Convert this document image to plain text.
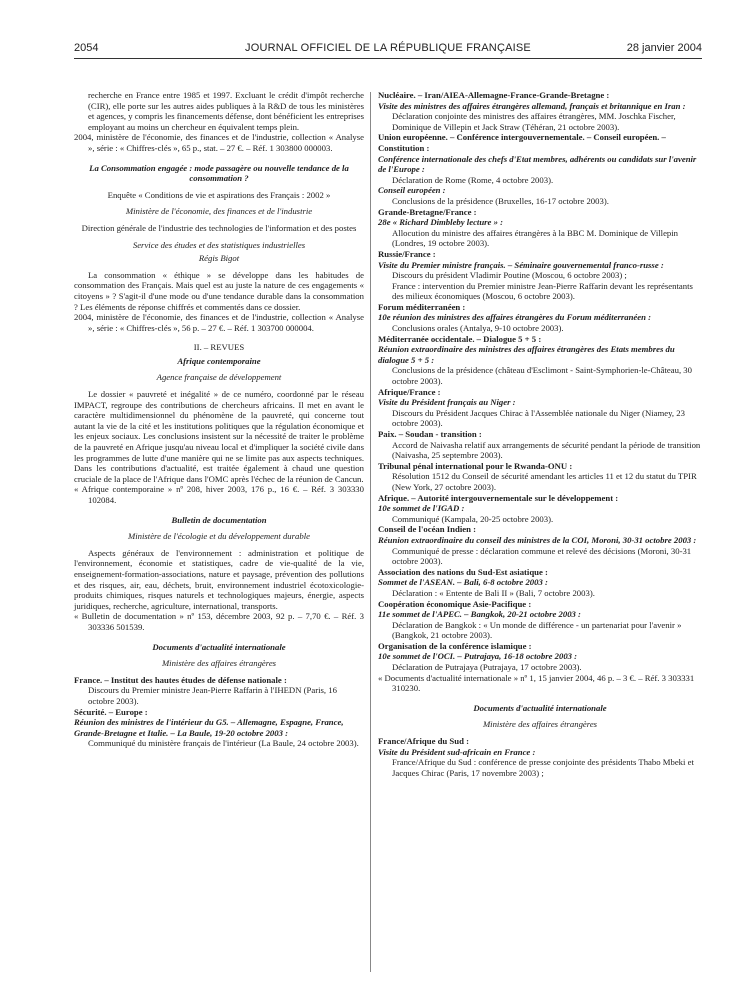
2054	JOURNAL OFFICIEL DE LA RÉPUBLIQUE FRANÇAISE	28 janvier 2004

recherche en France entre 1985 et 1997. Excluant le crédit d'impôt recherche (CIR), elle porte sur les autres aides publiques à la R&D de tous les ministères et agences, y compris les financements défense, dont bénéficient les entreprises employant au moins un chercheur en équivalent temps plein.

2004, ministère de l'économie, des finances et de l'industrie, collection « Analyse », série : « Chiffres-clés », 65 p., stat. – 27 €. – Réf. 1 303800 000003.

La Consommation engagée : mode passagère ou nouvelle tendance de la consommation ?

Enquête « Conditions de vie et aspirations des Français : 2002 »

Ministère de l'économie, des finances et de l'industrie

Direction générale de l'industrie des technologies de l'information et des postes

Service des études et des statistiques industrielles

Régis Bigot

La consommation « éthique » se développe dans les habitudes de consommation des Français. Mais quel est au juste la nature de ces engagements « citoyens » ? S'agit-il d'une mode ou d'une tendance durable dans la consommation ? Les éléments de réponse chiffrés et commentés dans ce dossier.

2004, ministère de l'économie, des finances et de l'industrie, collection « Analyse », série : « Chiffres-clés », 56 p. – 27 €. – Réf. 1 303700 000004.

II. – REVUES

Afrique contemporaine

Agence française de développement

Le dossier « pauvreté et inégalité » de ce numéro, coordonné par le réseau IMPACT, regroupe des contributions de chercheurs africains. Il met en avant le caractère multidimensionnel du phénomène de la pauvreté, qui concerne tout autant la vie de la cité et les institutions politiques que la régulation économique et les enjeux sociaux. Les conclusions insistent sur la nécessité de traiter le problème de la pauvreté en Afrique jusqu'au niveau local et d'impliquer la société civile dans les programmes de lutte d'une manière qui ne se limite pas aux aspects techniques. Dans les contributions d'actualité, est traitée également à chaud une question cruciale de la place de l'Afrique dans l'OMC après l'échec de la réunion de Cancun.

« Afrique contemporaine » nº 208, hiver 2003, 176 p., 16 €. – Réf. 3 303330 102084.

Bulletin de documentation

Ministère de l'écologie et du développement durable

Aspects généraux de l'environnement : administration et politique de l'environnement, économie et statistiques, cadre de vie-qualité de la vie, enseignement-formation-associations, nature et paysage, prévention des pollutions et des risques, air, eau, déchets, bruit, environnement industriel écotoxicologie-produits chimiques, risques naturels et technologiques majeurs, énergie, aspects juridiques, recherche, agriculture, international, transports.

« Bulletin de documentation » nº 153, décembre 2003, 92 p. – 7,70 €. – Réf. 3 303336 501539.

Documents d'actualité internationale

Ministère des affaires étrangères

France. – Institut des hautes études de défense nationale :

Discours du Premier ministre Jean-Pierre Raffarin à l'IHEDN (Paris, 16 octobre 2003).

Sécurité. – Europe :

Réunion des ministres de l'intérieur du G5. – Allemagne, Espagne, France, Grande-Bretagne et Italie. – La Baule, 19-20 octobre 2003 :

Communiqué du ministère français de l'intérieur (La Baule, 24 octobre 2003).

Nucléaire. – Iran/AIEA-Allemagne-France-Grande-Bretagne :

Visite des ministres des affaires étrangères allemand, français et britannique en Iran :

Déclaration conjointe des ministres des affaires étrangères, MM. Joschka Fischer, Dominique de Villepin et Jack Straw (Téhéran, 21 octobre 2003).

Union européenne. – Conférence intergouvernementale. – Conseil européen. – Constitution :

Conférence internationale des chefs d'Etat membres, adhérents ou candidats sur l'avenir de l'Europe :

Déclaration de Rome (Rome, 4 octobre 2003).

Conseil européen :

Conclusions de la présidence (Bruxelles, 16-17 octobre 2003).

Grande-Bretagne/France :

28e « Richard Dimbleby lecture » :

Allocution du ministre des affaires étrangères à la BBC M. Dominique de Villepin (Londres, 19 octobre 2003).

Russie/France :

Visite du Premier ministre français. – Séminaire gouvernemental franco-russe :

Discours du président Vladimir Poutine (Moscou, 6 octobre 2003) ;

France : intervention du Premier ministre Jean-Pierre Raffarin devant les représentants des milieux économiques (Moscou, 6 octobre 2003).

Forum méditerranéen :

10e réunion des ministres des affaires étrangères du Forum méditerranéen :

Conclusions orales (Antalya, 9-10 octobre 2003).

Méditerranée occidentale. – Dialogue 5 + 5 :

Réunion extraordinaire des ministres des affaires étrangères des Etats membres du dialogue 5 + 5 :

Conclusions de la présidence (château d'Esclimont - Saint-Symphorien-le-Château, 30 octobre 2003).

Afrique/France :

Visite du Président français au Niger :

Discours du Président Jacques Chirac à l'Assemblée nationale du Niger (Niamey, 23 octobre 2003).

Paix. – Soudan - transition :

Accord de Naivasha relatif aux arrangements de sécurité pendant la période de transition (Naivasha, 25 septembre 2003).

Tribunal pénal international pour le Rwanda-ONU :

Résolution 1512 du Conseil de sécurité amendant les articles 11 et 12 du statut du TPIR (New York, 27 octobre 2003).

Afrique. – Autorité intergouvernementale sur le développement :

10e sommet de l'IGAD :

Communiqué (Kampala, 20-25 octobre 2003).

Conseil de l'océan Indien :

Réunion extraordinaire du conseil des ministres de la COI, Moroni, 30-31 octobre 2003 :

Communiqué de presse : déclaration commune et relevé des décisions (Moroni, 30-31 octobre 2003).

Association des nations du Sud-Est asiatique :

Sommet de l'ASEAN. – Bali, 6-8 octobre 2003 :

Déclaration : « Entente de Bali II » (Bali, 7 octobre 2003).

Coopération économique Asie-Pacifique :

11e sommet de l'APEC. – Bangkok, 20-21 octobre 2003 :

Déclaration de Bangkok : « Un monde de différence - un partenariat pour l'avenir » (Bangkok, 21 octobre 2003).

Organisation de la conférence islamique :

10e sommet de l'OCI. – Putrajaya, 16-18 octobre 2003 :

Déclaration de Putrajaya (Putrajaya, 17 octobre 2003).

« Documents d'actualité internationale » nº 1, 15 janvier 2004, 46 p. – 3 €. – Réf. 3 303331 310230.

Documents d'actualité internationale

Ministère des affaires étrangères

France/Afrique du Sud :

Visite du Président sud-africain en France :

France/Afrique du Sud : conférence de presse conjointe des présidents Thabo Mbeki et Jacques Chirac (Paris, 17 novembre 2003) ;
